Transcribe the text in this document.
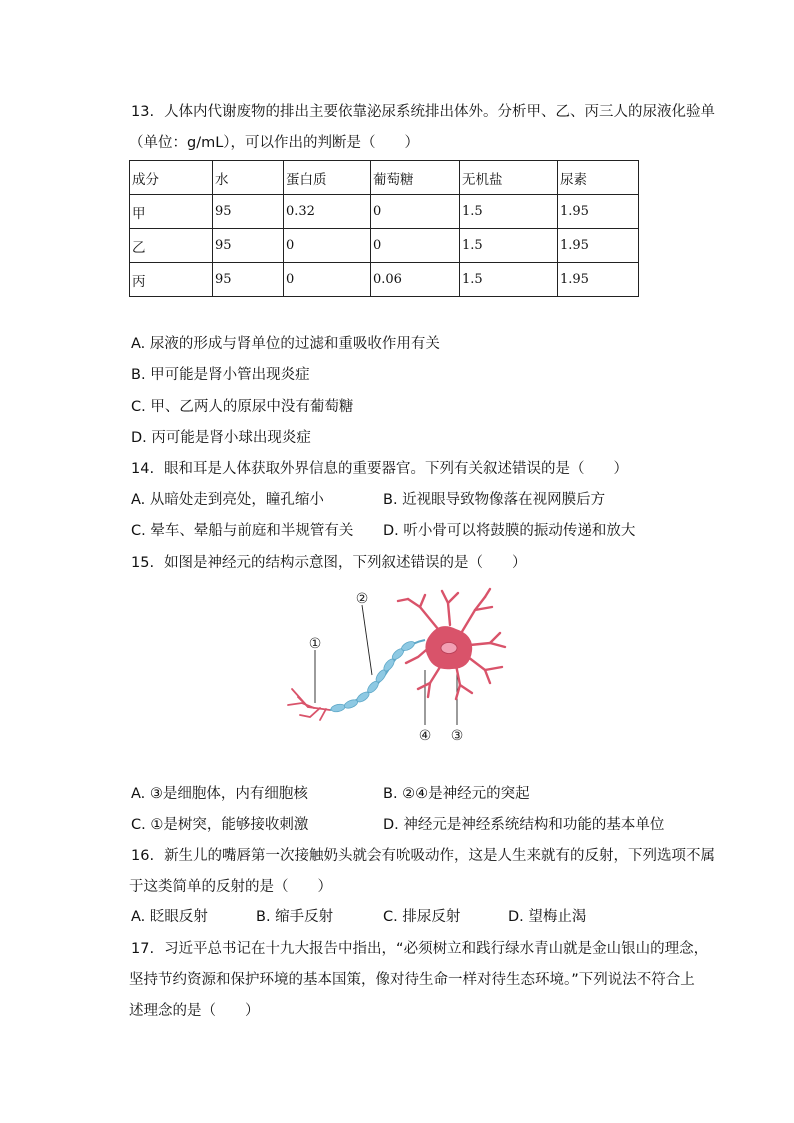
13. 人体内代谢废物的排出主要依靠泌尿系统排出体外。分析甲、乙、丙三人的尿液化验单
（单位：g/mL），可以作出的判断是（　　）
成分	水	蛋白质	葡萄糖	无机盐	尿素
甲	95	0.32	0	1.5	1.95
乙	95	0	0	1.5	1.95
丙	95	0	0.06	1.5	1.95
A. 尿液的形成与肾单位的过滤和重吸收作用有关
B. 甲可能是肾小管出现炎症
C. 甲、乙两人的原尿中没有葡萄糖
D. 丙可能是肾小球出现炎症
14. 眼和耳是人体获取外界信息的重要器官。下列有关叙述错误的是（　　）
A. 从暗处走到亮处，瞳孔缩小	B. 近视眼导致物像落在视网膜后方
C. 晕车、晕船与前庭和半规管有关 D. 听小骨可以将鼓膜的振动传递和放大
15. 如图是神经元的结构示意图，下列叙述错误的是（　　）
①
②
③
④
A. ③是细胞体，内有细胞核	B. ②④是神经元的突起
C. ①是树突，能够接收刺激	D. 神经元是神经系统结构和功能的基本单位
16. 新生儿的嘴唇第一次接触奶头就会有吮吸动作，这是人生来就有的反射，下列选项不属
于这类简单的反射的是（　　）
A. 眨眼反射	B. 缩手反射	C. 排尿反射	D. 望梅止渴
17. 习近平总书记在十九大报告中指出，“必须树立和践行绿水青山就是金山银山的理念，
坚持节约资源和保护环境的基本国策，像对待生命一样对待生态环境。”下列说法不符合上
述理念的是（　　）
